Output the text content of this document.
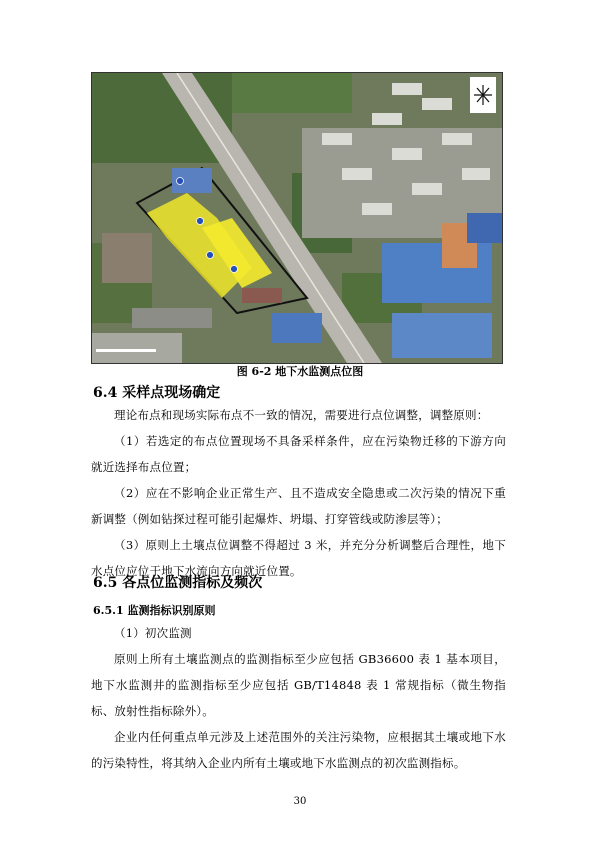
图 6-2 地下水监测点位图
6.4 采样点现场确定
理论布点和现场实际布点不一致的情况，需要进行点位调整，调整原则：
（1）若选定的布点位置现场不具备采样条件，应在污染物迁移的下游方向就近选择布点位置；
（2）应在不影响企业正常生产、且不造成安全隐患或二次污染的情况下重新调整（例如钻探过程可能引起爆炸、坍塌、打穿管线或防渗层等）；
（3）原则上土壤点位调整不得超过 3 米，并充分分析调整后合理性，地下水点位应位于地下水流向方向就近位置。
6.5 各点位监测指标及频次
6.5.1 监测指标识别原则
（1）初次监测
原则上所有土壤监测点的监测指标至少应包括 GB36600 表 1 基本项目，地下水监测井的监测指标至少应包括 GB/T14848 表 1 常规指标（微生物指标、放射性指标除外）。
企业内任何重点单元涉及上述范围外的关注污染物，应根据其土壤或地下水的污染特性，将其纳入企业内所有土壤或地下水监测点的初次监测指标。
30
